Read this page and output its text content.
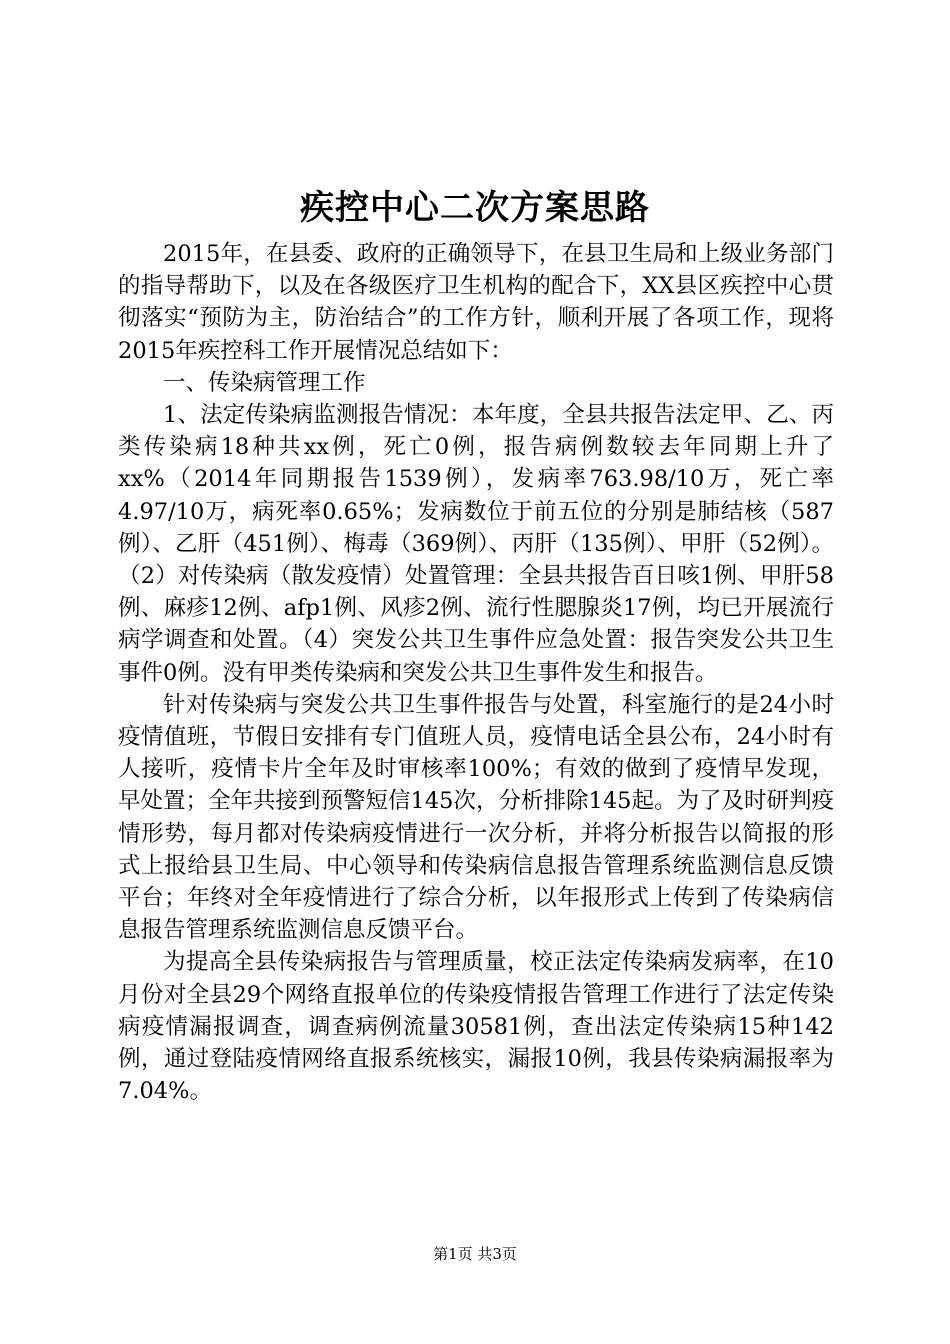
疾控中心二次方案思路

2015年，在县委、政府的正确领导下，在县卫生局和上级业务部门的指导帮助下，以及在各级医疗卫生机构的配合下，XX县区疾控中心贯彻落实“预防为主，防治结合”的工作方针，顺利开展了各项工作，现将2015年疾控科工作开展情况总结如下：

一、传染病管理工作

1、法定传染病监测报告情况：本年度，全县共报告法定甲、乙、丙类传染病18种共xx例，死亡0例，报告病例数较去年同期上升了xx%（2014年同期报告1539例），发病率763.98/10万，死亡率4.97/10万，病死率0.65%；发病数位于前五位的分别是肺结核（587例）、乙肝（451例）、梅毒（369例）、丙肝（135例）、甲肝（52例）。（2）对传染病（散发疫情）处置管理：全县共报告百日咳1例、甲肝58例、麻疹12例、afp1例、风疹2例、流行性腮腺炎17例，均已开展流行病学调查和处置。（4）突发公共卫生事件应急处置：报告突发公共卫生事件0例。没有甲类传染病和突发公共卫生事件发生和报告。

针对传染病与突发公共卫生事件报告与处置，科室施行的是24小时疫情值班，节假日安排有专门值班人员，疫情电话全县公布，24小时有人接听，疫情卡片全年及时审核率100%；有效的做到了疫情早发现，早处置；全年共接到预警短信145次，分析排除145起。为了及时研判疫情形势，每月都对传染病疫情进行一次分析，并将分析报告以简报的形式上报给县卫生局、中心领导和传染病信息报告管理系统监测信息反馈平台；年终对全年疫情进行了综合分析，以年报形式上传到了传染病信息报告管理系统监测信息反馈平台。

为提高全县传染病报告与管理质量，校正法定传染病发病率，在10月份对全县29个网络直报单位的传染疫情报告管理工作进行了法定传染病疫情漏报调查，调查病例流量30581例，查出法定传染病15种142例，通过登陆疫情网络直报系统核实，漏报10例，我县传染病漏报率为7.04%。

第1页 共3页
